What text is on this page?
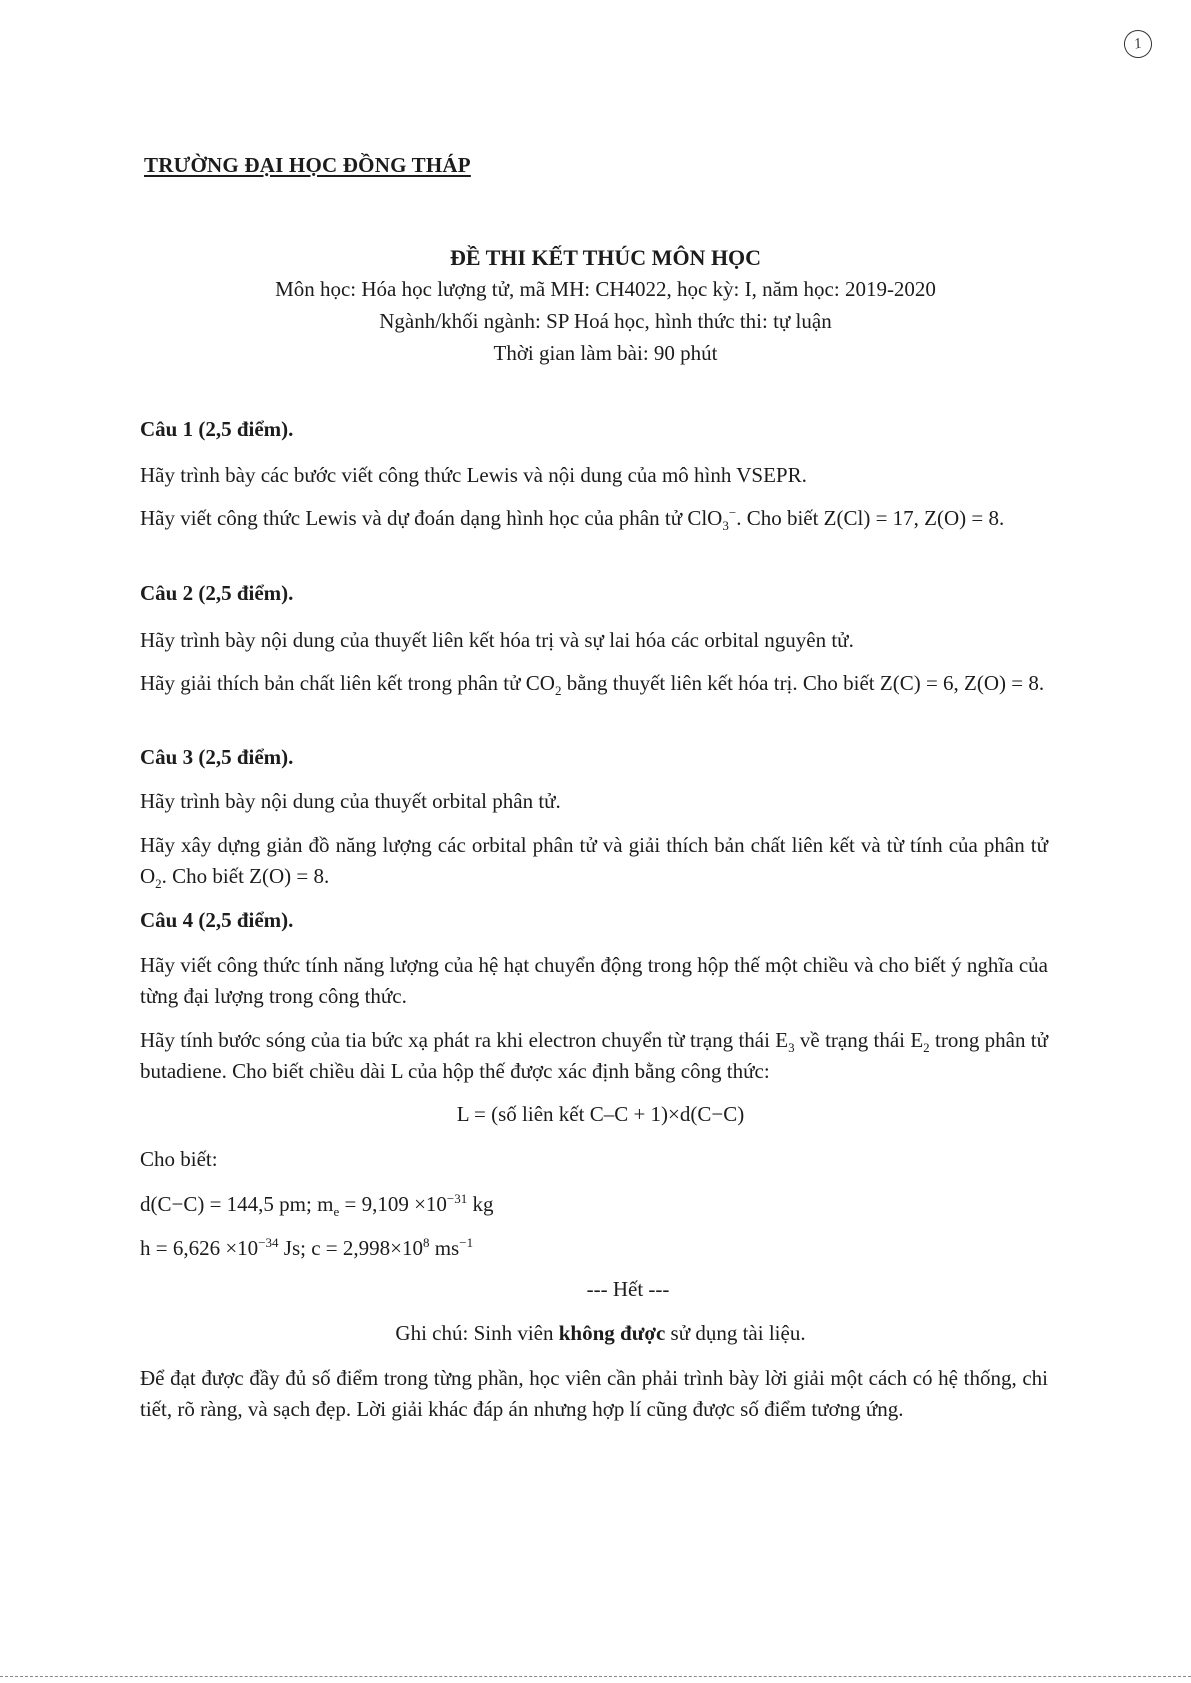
1
TRƯỜNG ĐẠI HỌC ĐỒNG THÁP
ĐỀ THI KẾT THÚC MÔN HỌC
Môn học: Hóa học lượng tử, mã MH: CH4022, học kỳ: I, năm học: 2019-2020
Ngành/khối ngành: SP Hoá học, hình thức thi: tự luận
Thời gian làm bài: 90 phút
Câu 1 (2,5 điểm).
Hãy trình bày các bước viết công thức Lewis và nội dung của mô hình VSEPR.
Hãy viết công thức Lewis và dự đoán dạng hình học của phân tử ClO$_3$−. Cho biết Z(Cl) = 17, Z(O) = 8.
Câu 2 (2,5 điểm).
Hãy trình bày nội dung của thuyết liên kết hóa trị và sự lai hóa các orbital nguyên tử.
Hãy giải thích bản chất liên kết trong phân tử $CO_2$ bằng thuyết liên kết hóa trị. Cho biết Z(C) = 6, Z(O) = 8.
Câu 3 (2,5 điểm).
Hãy trình bày nội dung của thuyết orbital phân tử.
Hãy xây dựng giản đồ năng lượng các orbital phân tử và giải thích bản chất liên kết và từ tính của phân tử $O_2$. Cho biết Z(O) = 8.
Câu 4 (2,5 điểm).
Hãy viết công thức tính năng lượng của hệ hạt chuyển động trong hộp thế một chiều và cho biết ý nghĩa của từng đại lượng trong công thức.
Hãy tính bước sóng của tia bức xạ phát ra khi electron chuyển từ trạng thái $E_3$ về trạng thái $E_2$ trong phân tử butadiene. Cho biết chiều dài L của hộp thế được xác định bằng công thức:
L = (số liên kết C–C + 1)×d(C−C)
Cho biết:
d(C−C) = 144,5 pm; $m_e = 9,109 \times 10^{-31}$ kg
$h = 6,626 \times 10^{-34}$ Js; $c = 2,998\times 10^8$ $ms^{-1}$
--- Hết ---
Ghi chú: Sinh viên không được sử dụng tài liệu.
Để đạt được đầy đủ số điểm trong từng phần, học viên cần phải trình bày lời giải một cách có hệ thống, chi tiết, rõ ràng, và sạch đẹp. Lời giải khác đáp án nhưng hợp lí cũng được số điểm tương ứng.
